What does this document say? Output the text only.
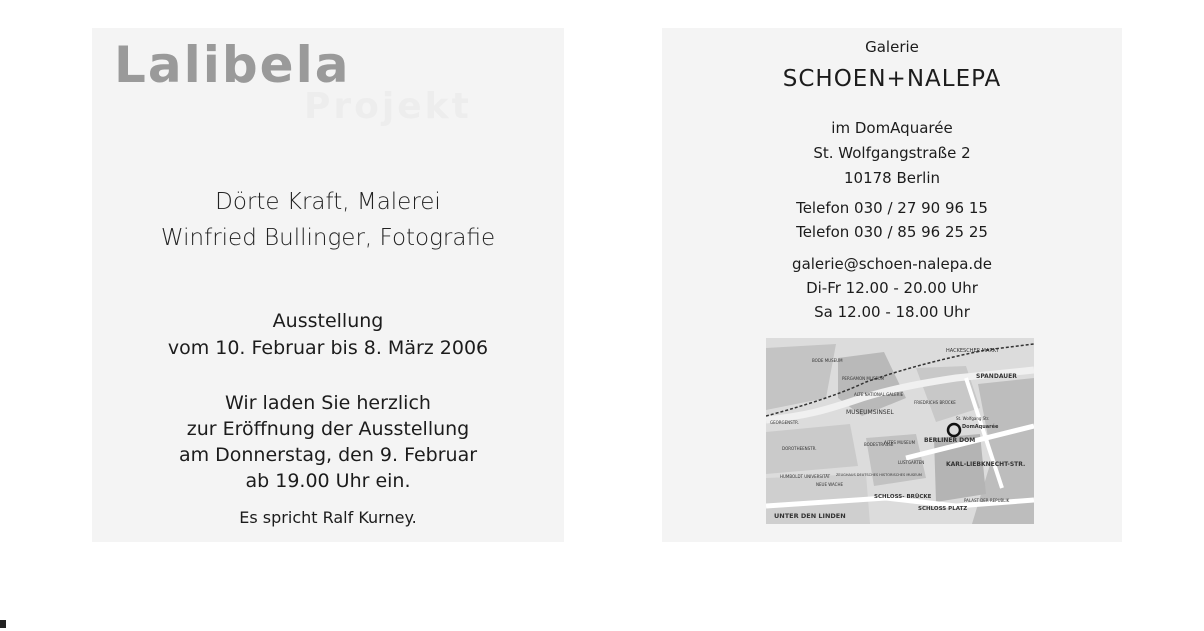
Lalibela
Projekt
Dörte Kraft, Malerei
Winfried Bullinger, Fotografie
Ausstellung
vom 10. Februar bis 8. März 2006
Wir laden Sie herzlich
zur Eröffnung der Ausstellung
am Donnerstag, den 9. Februar
ab 19.00 Uhr ein.
Es spricht Ralf Kurney.
Galerie
SCHOEN+NALEPA
im DomAquarée
St. Wolfgangstraße 2
10178 Berlin
Telefon 030 / 27 90 96 15
Telefon 030 / 85 96 25 25
galerie@schoen-nalepa.de
Di-Fr 12.00 - 20.00 Uhr
Sa 12.00 - 18.00 Uhr
HACKESCHER MARKT
BODE MUSEUM
PERGAMON MUSEUM
ALTE NATIONAL GALERIE
MUSEUMSINSEL
FRIEDRICHS BRÜCKE
SPANDAUER
DomAquarée
St. Wolfgang Str.
KARL-LIEBKNECHT-STR.
GEORGENSTR.
DOROTHEENSTR.
BODESTRASSE
ALTES MUSEUM BERLINER DOM
LUSTGARTEN
HUMBOLDT UNIVERSITÄT
NEUE WACHE
ZEUGHAUS DEUTSCHES HISTORISCHES MUSEUM
UNTER DEN LINDEN
SCHLOSS- BRÜCKE
SCHLOSS PLATZ
PALAST DER REPUBLIK
